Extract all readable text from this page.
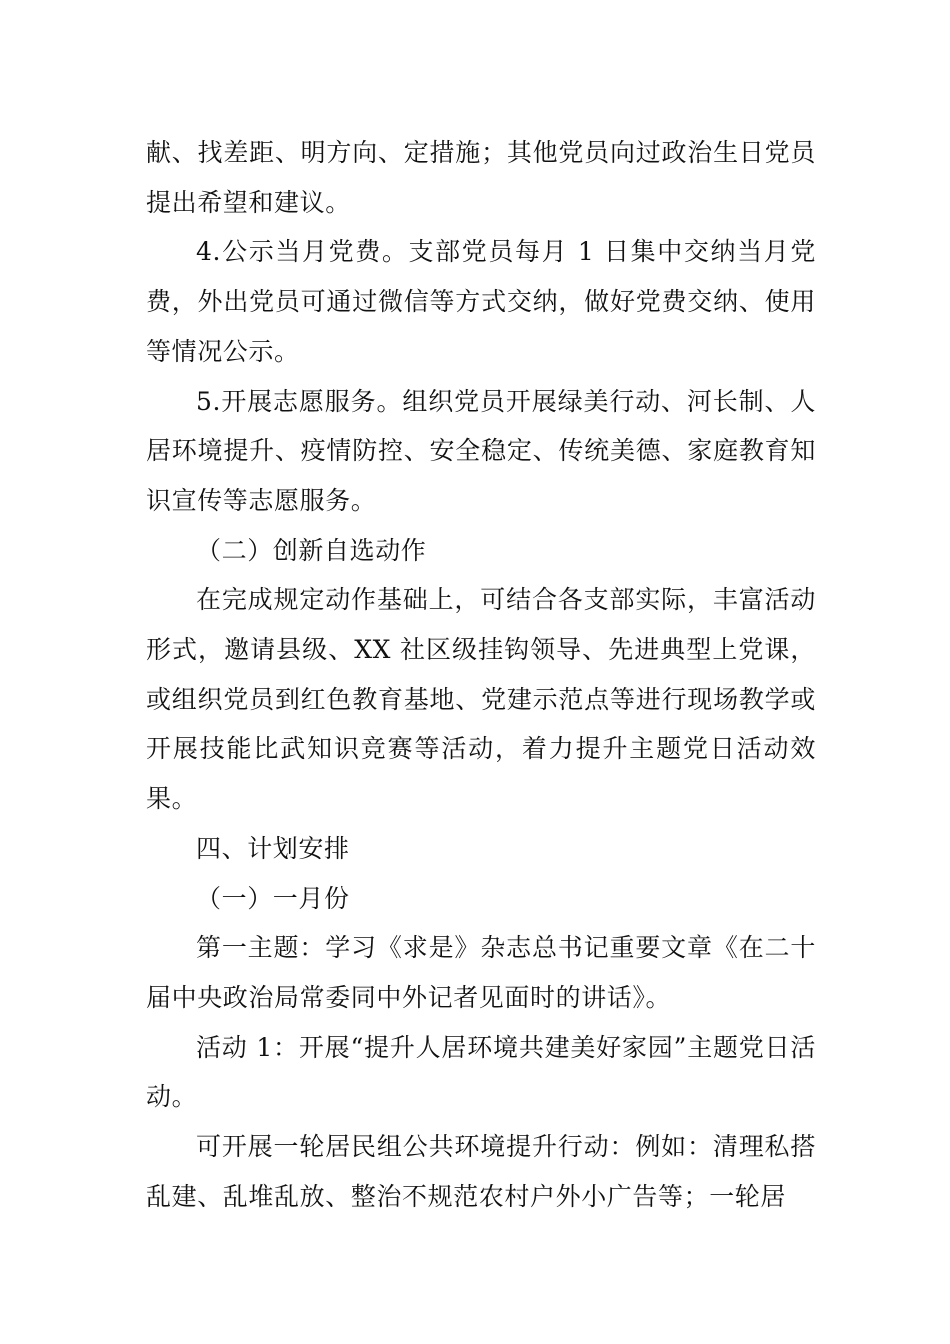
献、找差距、明方向、定措施；其他党员向过政治生日党员提出希望和建议。

4.公示当月党费。支部党员每月 1 日集中交纳当月党费，外出党员可通过微信等方式交纳，做好党费交纳、使用等情况公示。

5.开展志愿服务。组织党员开展绿美行动、河长制、人居环境提升、疫情防控、安全稳定、传统美德、家庭教育知识宣传等志愿服务。

（二）创新自选动作

在完成规定动作基础上，可结合各支部实际，丰富活动形式，邀请县级、XX 社区级挂钩领导、先进典型上党课，或组织党员到红色教育基地、党建示范点等进行现场教学或开展技能比武知识竞赛等活动，着力提升主题党日活动效果。

四、计划安排

（一）一月份

第一主题：学习《求是》杂志总书记重要文章《在二十届中央政治局常委同中外记者见面时的讲话》。

活动 1：开展“提升人居环境共建美好家园”主题党日活动。

可开展一轮居民组公共环境提升行动：例如：清理私搭乱建、乱堆乱放、整治不规范农村户外小广告等；一轮居
